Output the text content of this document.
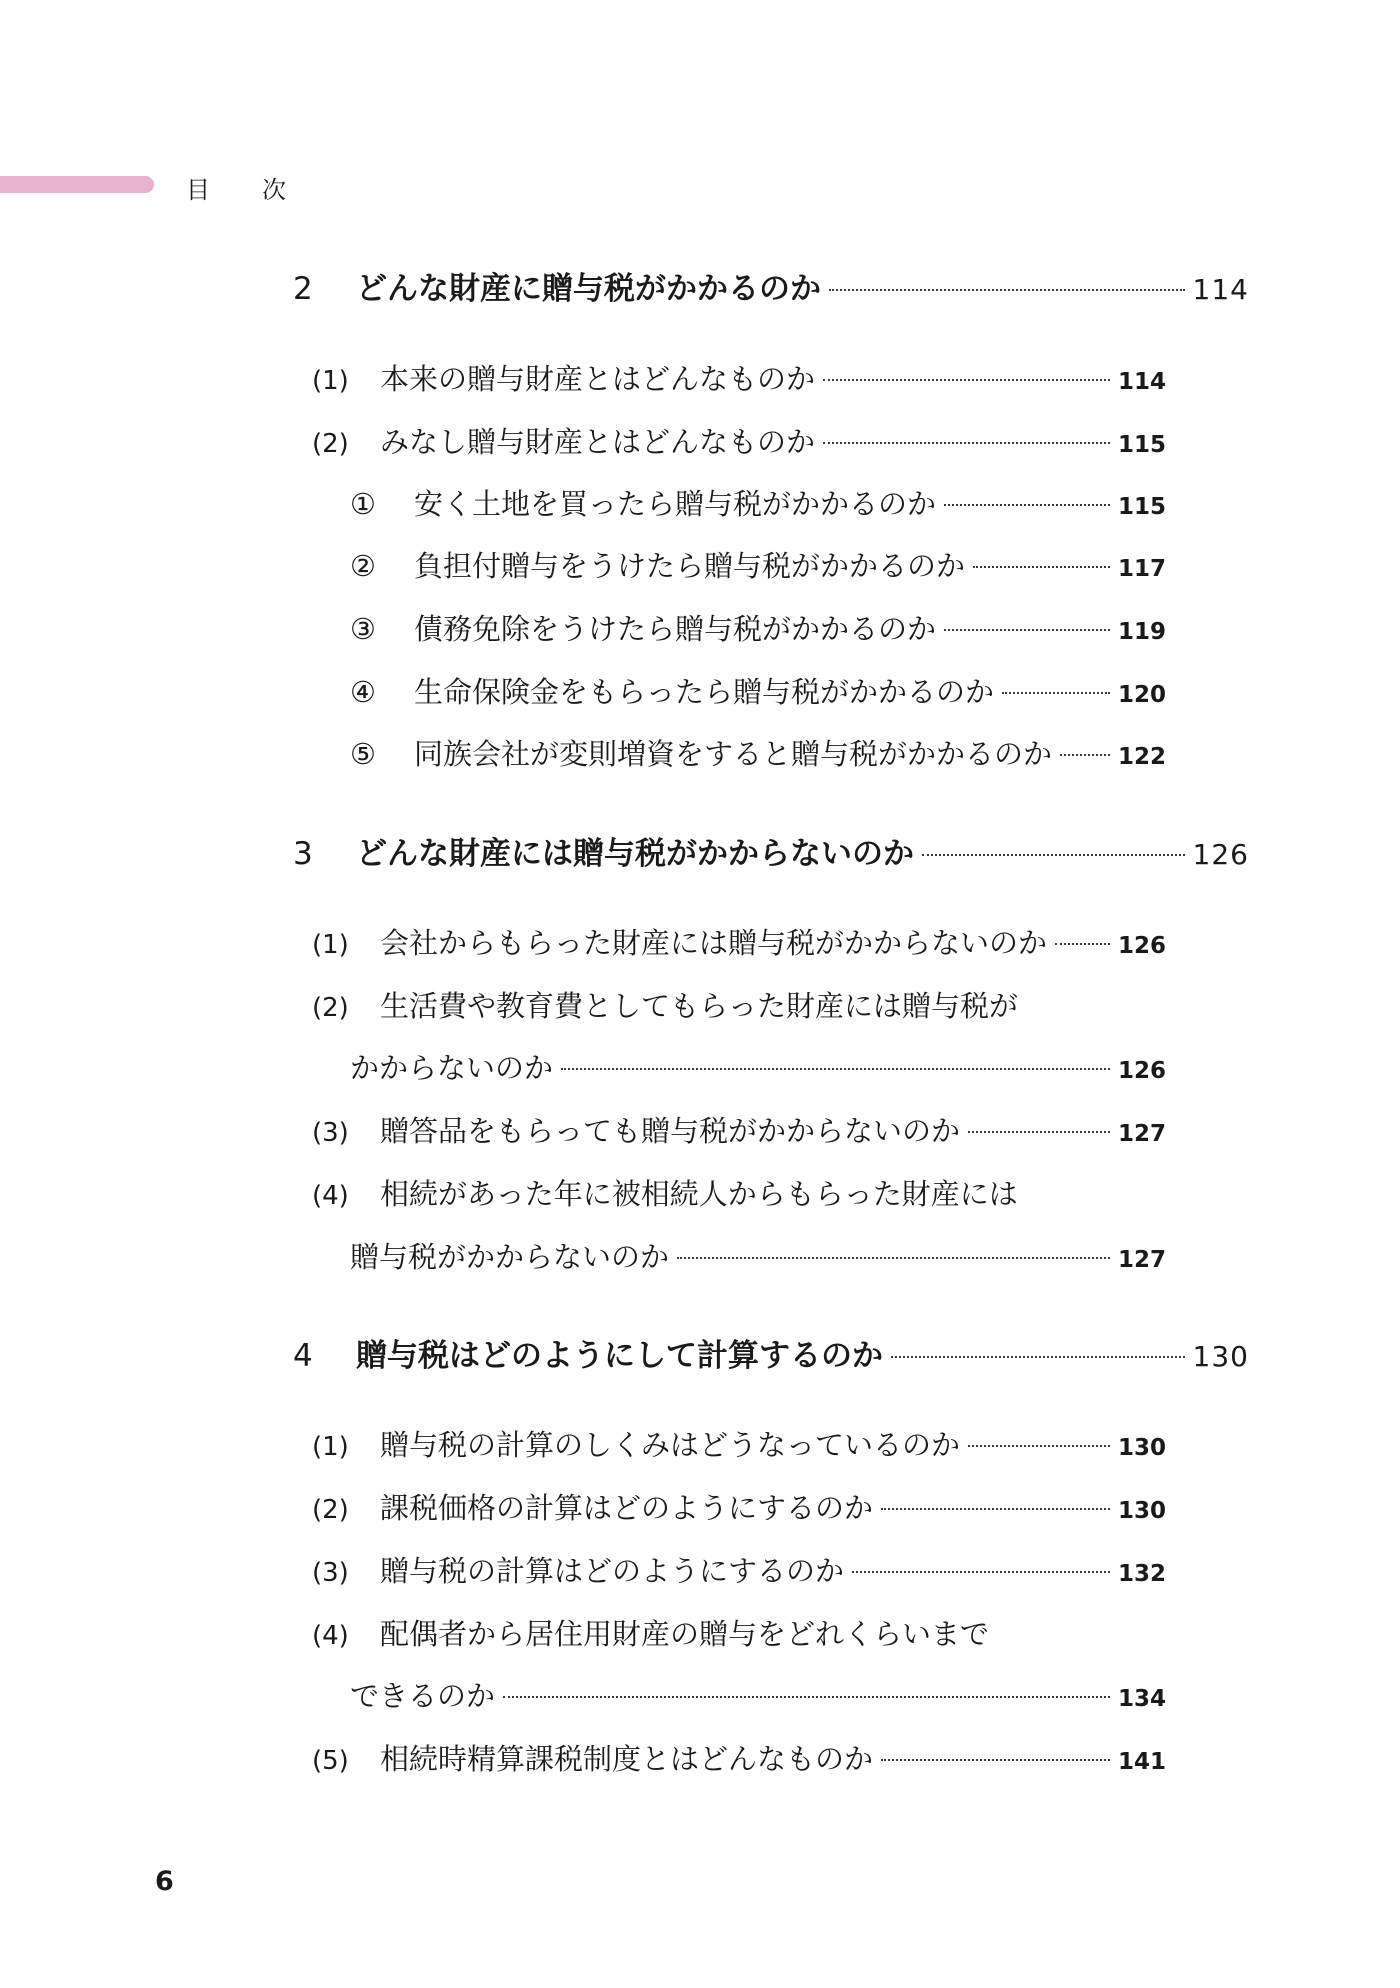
目次
2	どんな財産に贈与税がかかるのか	114
(1)	本来の贈与財産とはどんなものか	114
(2)	みなし贈与財産とはどんなものか	115
①	安く土地を買ったら贈与税がかかるのか	115
②	負担付贈与をうけたら贈与税がかかるのか	117
③	債務免除をうけたら贈与税がかかるのか	119
④	生命保険金をもらったら贈与税がかかるのか	120
⑤	同族会社が変則増資をすると贈与税がかかるのか	122
3	どんな財産には贈与税がかからないのか	126
(1)	会社からもらった財産には贈与税がかからないのか	126
(2)	生活費や教育費としてもらった財産には贈与税が
かからないのか	126
(3)	贈答品をもらっても贈与税がかからないのか	127
(4)	相続があった年に被相続人からもらった財産には
贈与税がかからないのか	127
4	贈与税はどのようにして計算するのか	130
(1)	贈与税の計算のしくみはどうなっているのか	130
(2)	課税価格の計算はどのようにするのか	130
(3)	贈与税の計算はどのようにするのか	132
(4)	配偶者から居住用財産の贈与をどれくらいまで
できるのか	134
(5)	相続時精算課税制度とはどんなものか	141
6
